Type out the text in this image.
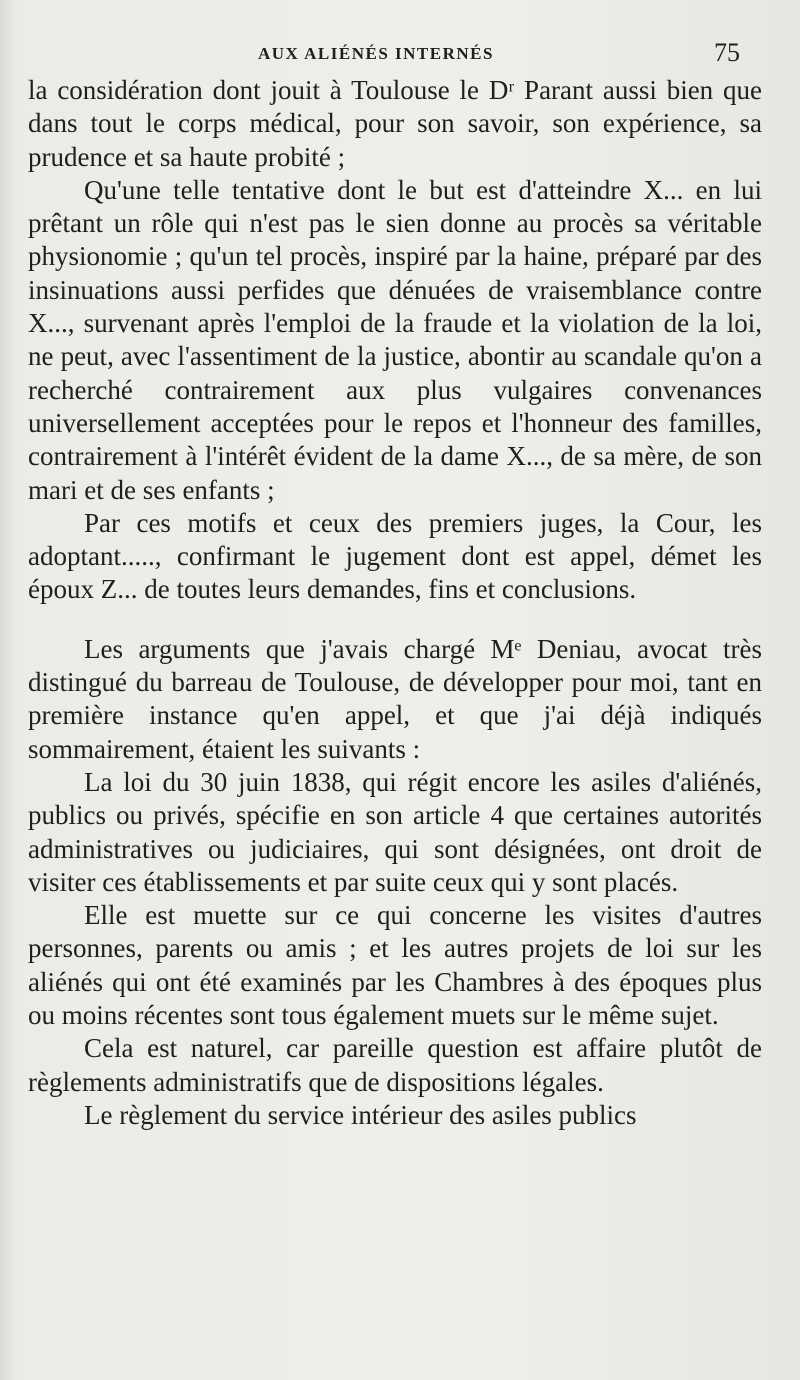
AUX ALIÉNÉS INTERNÉS	75

la considération dont jouit à Toulouse le Dʳ Parant aussi bien que dans tout le corps médical, pour son savoir, son expérience, sa prudence et sa haute probité ;

Qu'une telle tentative dont le but est d'atteindre X... en lui prêtant un rôle qui n'est pas le sien donne au procès sa véritable physionomie ; qu'un tel procès, inspiré par la haine, préparé par des insinuations aussi perfides que dénuées de vraisemblance contre X..., survenant après l'emploi de la fraude et la violation de la loi, ne peut, avec l'assentiment de la justice, abontir au scandale qu'on a recherché contrairement aux plus vulgaires convenances universellement acceptées pour le repos et l'honneur des familles, contrairement à l'intérêt évident de la dame X..., de sa mère, de son mari et de ses enfants ;

Par ces motifs et ceux des premiers juges, la Cour, les adoptant....., confirmant le jugement dont est appel, démet les époux Z... de toutes leurs demandes, fins et conclusions.

Les arguments que j'avais chargé Mᵉ Deniau, avocat très distingué du barreau de Toulouse, de développer pour moi, tant en première instance qu'en appel, et que j'ai déjà indiqués sommairement, étaient les suivants :

La loi du 30 juin 1838, qui régit encore les asiles d'aliénés, publics ou privés, spécifie en son article 4 que certaines autorités administratives ou judiciaires, qui sont désignées, ont droit de visiter ces établissements et par suite ceux qui y sont placés.

Elle est muette sur ce qui concerne les visites d'autres personnes, parents ou amis ; et les autres projets de loi sur les aliénés qui ont été examinés par les Chambres à des époques plus ou moins récentes sont tous également muets sur le même sujet.

Cela est naturel, car pareille question est affaire plutôt de règlements administratifs que de dispositions légales.

Le règlement du service intérieur des asiles publics
